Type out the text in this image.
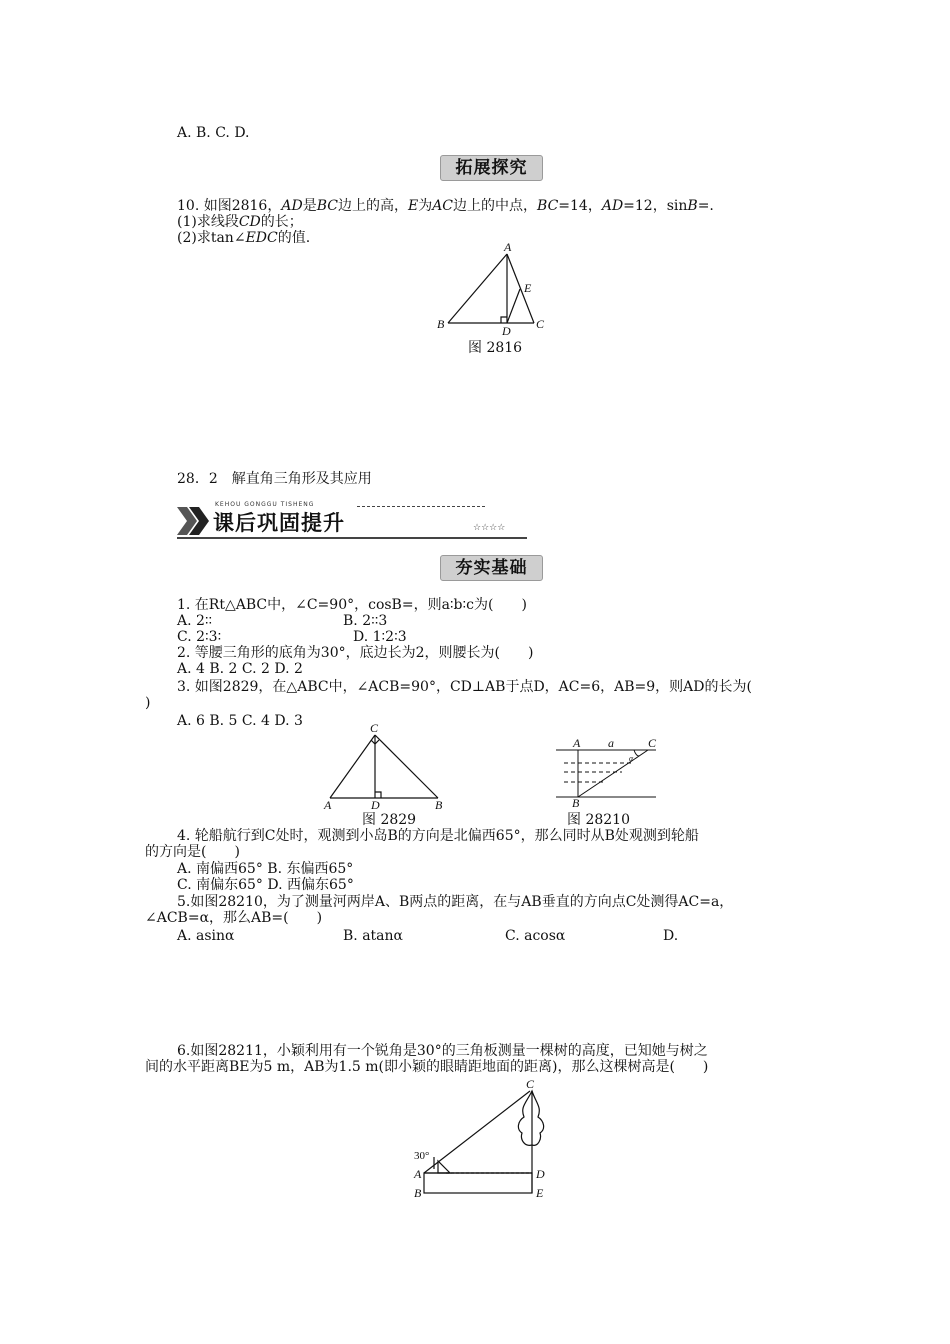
A. B. C. D.
拓展探究
10. 如图2816，AD是BC边上的高，E为AC边上的中点，BC=14，AD=12，sinB=.
(1)求线段CD的长；
(2)求tan∠EDC的值.
A
B	C
D
E
图 2816
28．2　解直角三角形及其应用
KEHOU GONGGU TISHENG
课后巩固提升	☆☆☆☆
夯实基础
1. 在Rt△ABC中，∠C=90°，cosB=，则a∶b∶c为(　　)
A. 2∶∶	B. 2∶∶3
C. 2∶3∶	D. 1∶2∶3
2. 等腰三角形的底角为30°，底边长为2，则腰长为(　　)
A. 4 B. 2 C. 2 D. 2
3. 如图2829，在△ABC中，∠ACB=90°，CD⊥AB于点D，AC=6，AB=9，则AD的长为(
)
A. 6 B. 5 C. 4 D. 3	C
A	D	B
图 2829
A a	C
B
α
图 28210
4. 轮船航行到C处时，观测到小岛B的方向是北偏西65°，那么同时从B处观测到轮船
的方向是(　　)
A. 南偏西65° B. 东偏西65°
C. 南偏东65° D. 西偏东65°
5.如图28210，为了测量河两岸A、B两点的距离，在与AB垂直的方向点C处测得AC=a，
∠ACB=α，那么AB=(　　)
A. asinα	B. atanα	C. acosα	D.
6.如图28211，小颖利用有一个锐角是30°的三角板测量一棵树的高度，已知她与树之
间的水平距离BE为5 m，AB为1.5 m(即小颖的眼睛距地面的距离)，那么这棵树高是(　　)
30°
A
B
C
D
E
